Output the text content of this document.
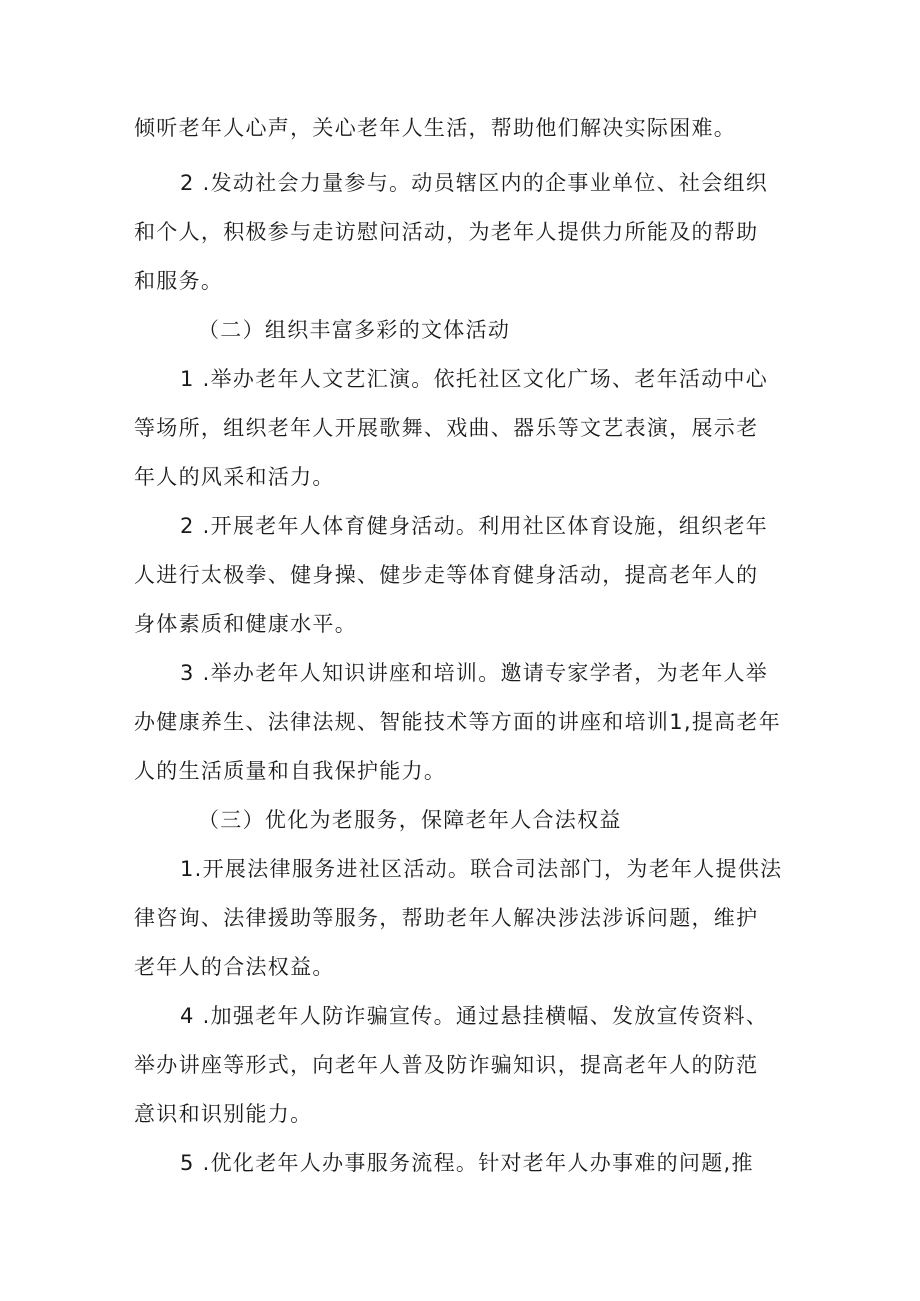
倾听老年人心声，关心老年人生活，帮助他们解决实际困难。
2 .发动社会力量参与。动员辖区内的企事业单位、社会组织
和个人，积极参与走访慰问活动，为老年人提供力所能及的帮助
和服务。
（二）组织丰富多彩的文体活动
1 .举办老年人文艺汇演。依托社区文化广场、老年活动中心
等场所，组织老年人开展歌舞、戏曲、器乐等文艺表演，展示老
年人的风采和活力。
2 .开展老年人体育健身活动。利用社区体育设施，组织老年
人进行太极拳、健身操、健步走等体育健身活动，提高老年人的
身体素质和健康水平。
3 .举办老年人知识讲座和培训。邀请专家学者，为老年人举
办健康养生、法律法规、智能技术等方面的讲座和培训1,提高老年
人的生活质量和自我保护能力。
（三）优化为老服务，保障老年人合法权益
1.开展法律服务进社区活动。联合司法部门，为老年人提供法
律咨询、法律援助等服务，帮助老年人解决涉法涉诉问题，维护
老年人的合法权益。
4 .加强老年人防诈骗宣传。通过悬挂横幅、发放宣传资料、
举办讲座等形式，向老年人普及防诈骗知识，提高老年人的防范
意识和识别能力。
5 .优化老年人办事服务流程。针对老年人办事难的问题,推
